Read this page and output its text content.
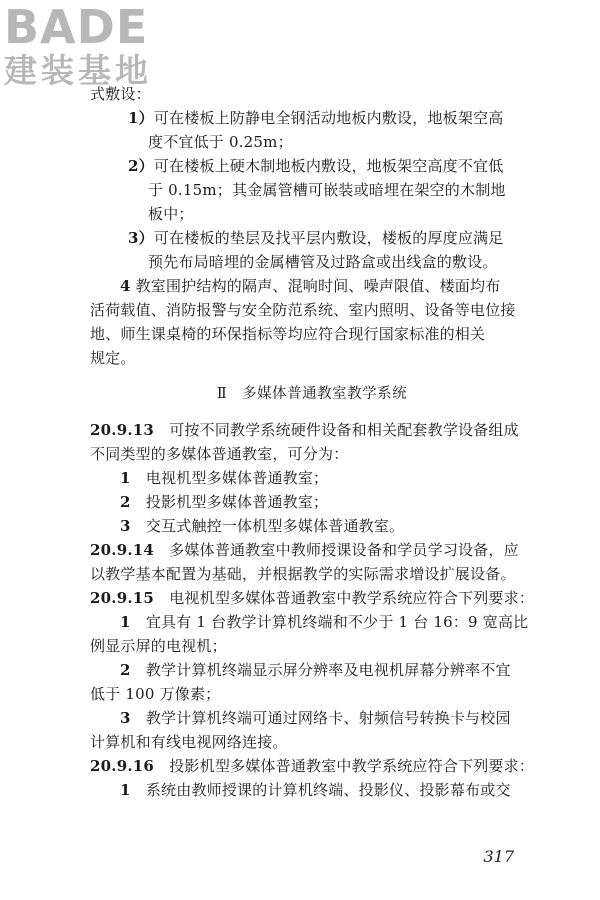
BADE
建装基地
式敷设：
1）可在楼板上防静电全钢活动地板内敷设，地板架空高
度不宜低于 0.25m；
2）可在楼板上硬木制地板内敷设，地板架空高度不宜低
于 0.15m；其金属管槽可嵌装或暗埋在架空的木制地
板中；
3）可在楼板的垫层及找平层内敷设，楼板的厚度应满足
预先布局暗埋的金属槽管及过路盒或出线盒的敷设。
4 教室围护结构的隔声、混响时间、噪声限值、楼面均布
活荷载值、消防报警与安全防范系统、室内照明、设备等电位接
地、师生课桌椅的环保指标等均应符合现行国家标准的相关
规定。
Ⅱ　多媒体普通教室教学系统
20.9.13　可按不同教学系统硬件设备和相关配套教学设备组成
不同类型的多媒体普通教室，可分为：
1　电视机型多媒体普通教室；
2　投影机型多媒体普通教室；
3　交互式触控一体机型多媒体普通教室。
20.9.14　多媒体普通教室中教师授课设备和学员学习设备，应
以教学基本配置为基础，并根据教学的实际需求增设扩展设备。
20.9.15　电视机型多媒体普通教室中教学系统应符合下列要求：
1　宜具有 1 台教学计算机终端和不少于 1 台 16：9 宽高比
例显示屏的电视机；
2　教学计算机终端显示屏分辨率及电视机屏幕分辨率不宜
低于 100 万像素；
3　教学计算机终端可通过网络卡、射频信号转换卡与校园
计算机和有线电视网络连接。
20.9.16　投影机型多媒体普通教室中教学系统应符合下列要求：
1　系统由教师授课的计算机终端、投影仪、投影幕布或交
317
